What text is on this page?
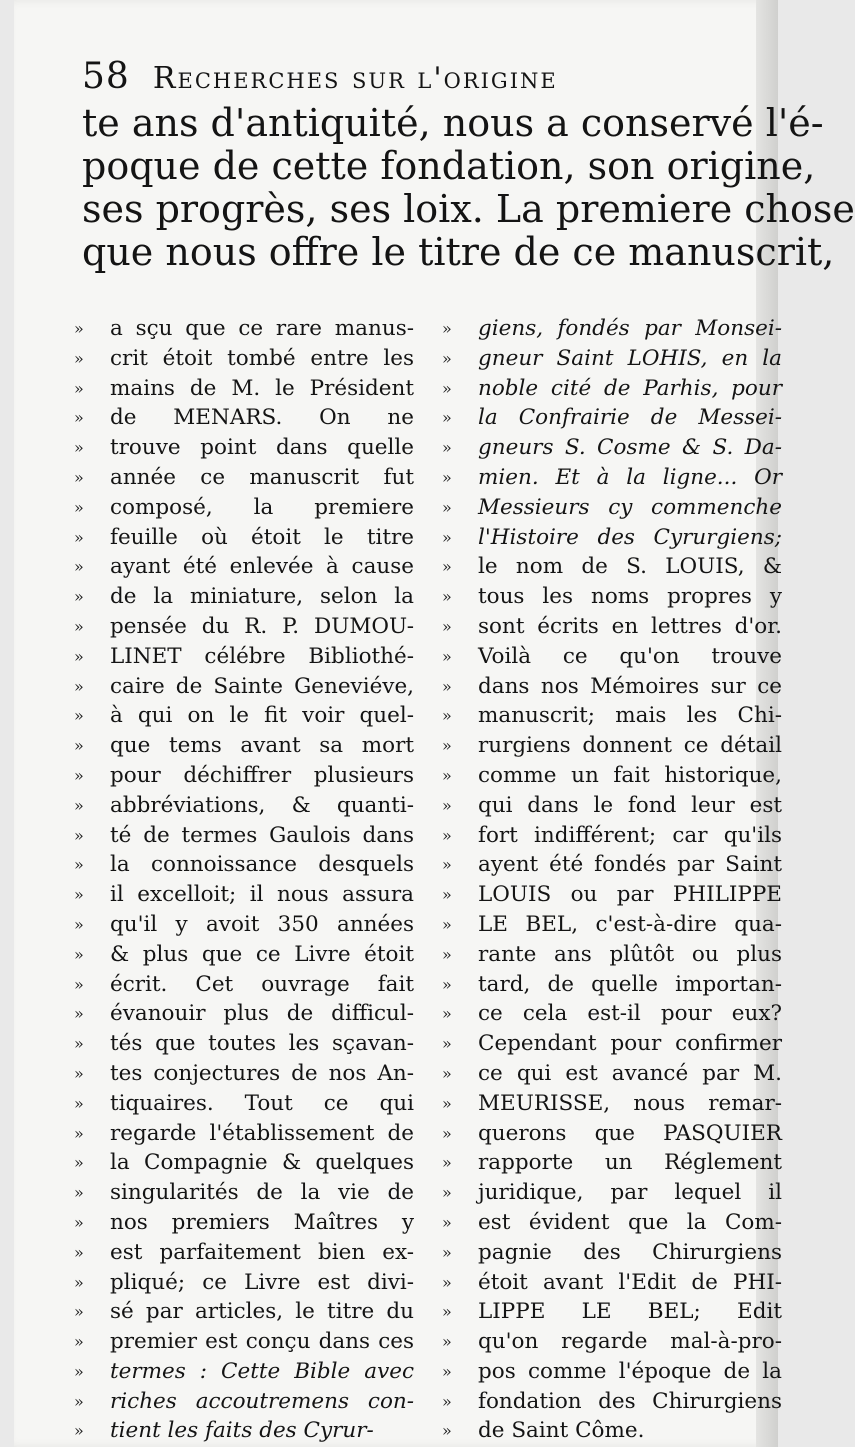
58 Recherches sur l'origine
te ans d'antiquité, nous a conservé l'é-
poque de cette fondation, son origine,
ses progrès, ses loix. La premiere chose
que nous offre le titre de ce manuscrit,
» a sçu que ce rare manus-
» crit étoit tombé entre les
» mains de M. le Président
» de MENARS. On ne
» trouve point dans quelle
» année ce manuscrit fut
» composé, la premiere
» feuille où étoit le titre
» ayant été enlevée à cause
» de la miniature, selon la
» pensée du R. P. DUMOU-
» LINET célébre Bibliothé-
» caire de Sainte Geneviéve,
» à qui on le fit voir quel-
» que tems avant sa mort
» pour déchiffrer plusieurs
» abbréviations, & quanti-
» té de termes Gaulois dans
» la connoissance desquels
» il excelloit; il nous assura
» qu'il y avoit 350 années
» & plus que ce Livre étoit
» écrit. Cet ouvrage fait
» évanouir plus de difficul-
» tés que toutes les sçavan-
» tes conjectures de nos An-
» tiquaires. Tout ce qui
» regarde l'établissement de
» la Compagnie & quelques
» singularités de la vie de
» nos premiers Maîtres y
» est parfaitement bien ex-
» pliqué; ce Livre est divi-
» sé par articles, le titre du
» premier est conçu dans ces
» termes : Cette Bible avec
» riches accoutremens con-
» tient les faits des Cyrur-
» giens, fondés par Monsei-
» gneur Saint LOHIS, en la
» noble cité de Parhis, pour
» la Confrairie de Messei-
» gneurs S. Cosme & S. Da-
» mien. Et à la ligne... Or
» Messieurs cy commenche
» l'Histoire des Cyrurgiens;
» le nom de S. LOUIS, &
» tous les noms propres y
» sont écrits en lettres d'or.
» Voilà ce qu'on trouve
» dans nos Mémoires sur ce
» manuscrit; mais les Chi-
» rurgiens donnent ce détail
» comme un fait historique,
» qui dans le fond leur est
» fort indifférent; car qu'ils
» ayent été fondés par Saint
» LOUIS ou par PHILIPPE
» LE BEL, c'est-à-dire qua-
» rante ans plûtôt ou plus
» tard, de quelle importan-
» ce cela est-il pour eux?
» Cependant pour confirmer
» ce qui est avancé par M.
» MEURISSE, nous remar-
» querons que PASQUIER
» rapporte un Réglement
» juridique, par lequel il
» est évident que la Com-
» pagnie des Chirurgiens
» étoit avant l'Edit de PHI-
» LIPPE LE BEL; Edit
» qu'on regarde mal-à-pro-
» pos comme l'époque de la
» fondation des Chirurgiens
» de Saint Côme.
